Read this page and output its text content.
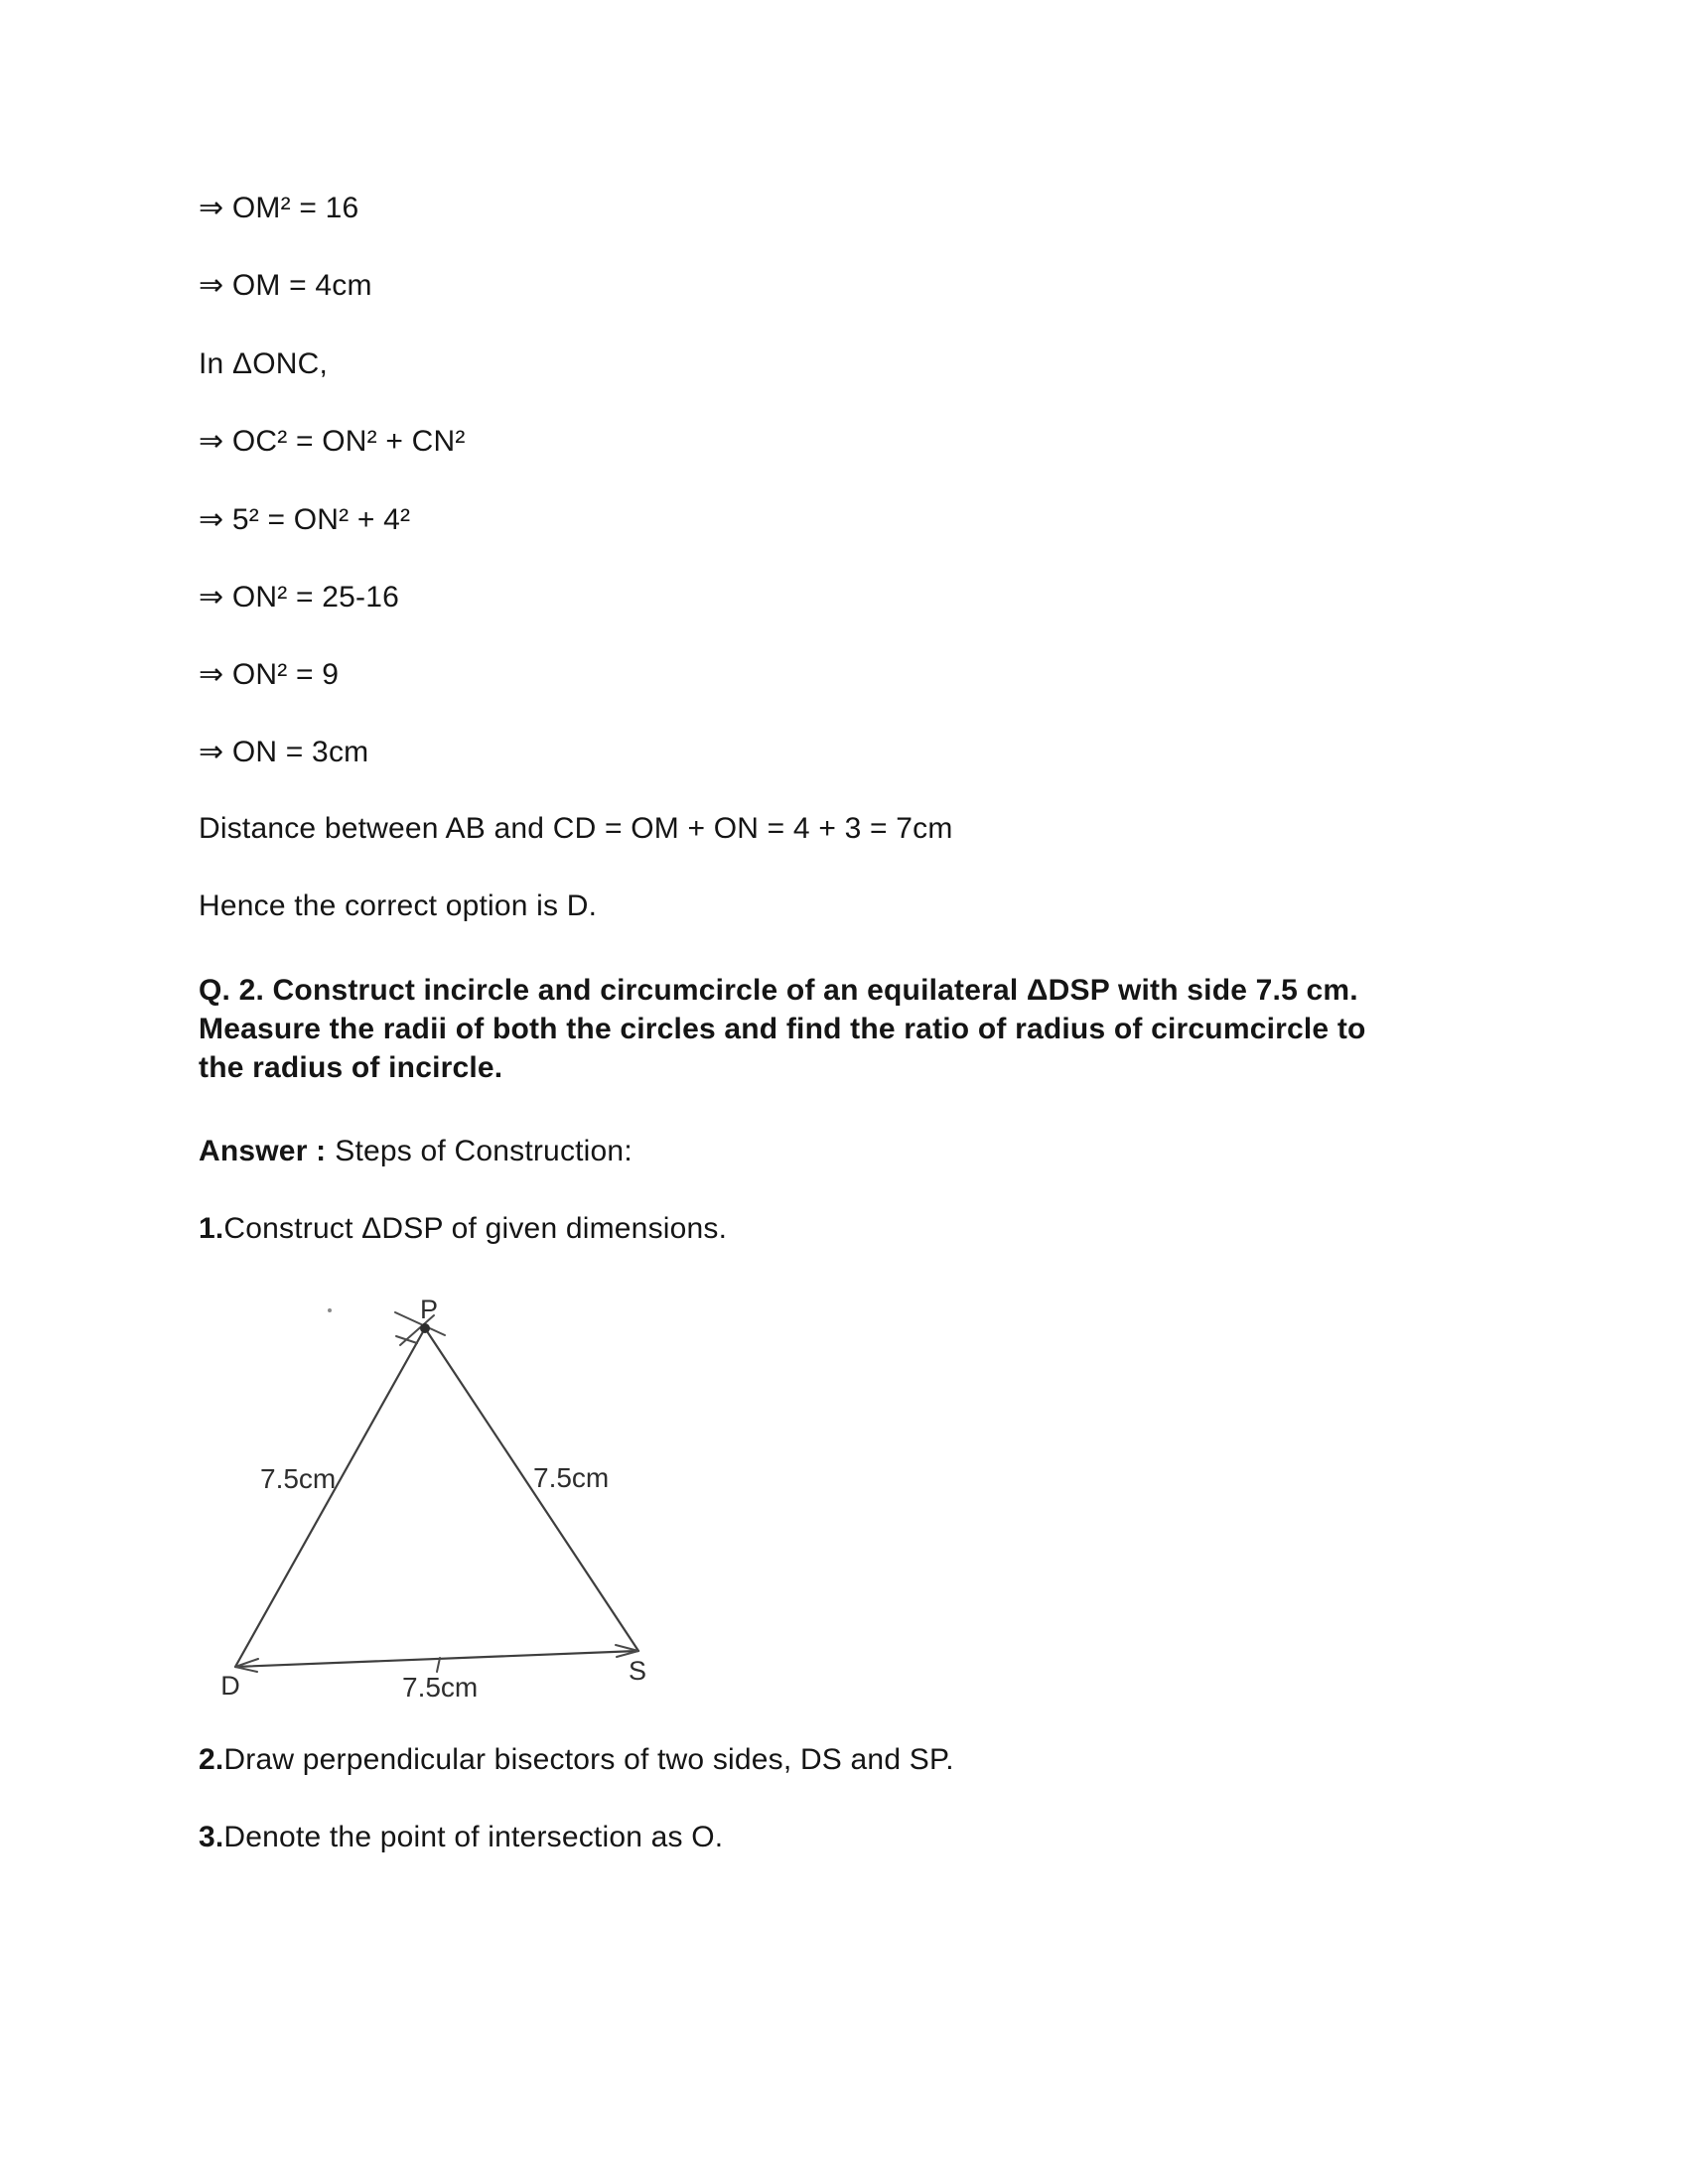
⇒ OM² = 16
⇒ OM = 4cm
In ΔONC,
⇒ OC² = ON² + CN²
⇒ 5² = ON² + 4²
⇒ ON² = 25-16
⇒ ON² = 9
⇒ ON = 3cm
Distance between AB and CD = OM + ON = 4 + 3 = 7cm
Hence the correct option is D.
Q. 2. Construct incircle and circumcircle of an equilateral ΔDSP with side 7.5 cm.
Measure the radii of both the circles and find the ratio of radius of circumcircle to
the radius of incircle.
Answer : Steps of Construction:
1.Construct ΔDSP of given dimensions.
P
D	S
7.5cm	7.5cm
7.5cm
2.Draw perpendicular bisectors of two sides, DS and SP.
3.Denote the point of intersection as O.
